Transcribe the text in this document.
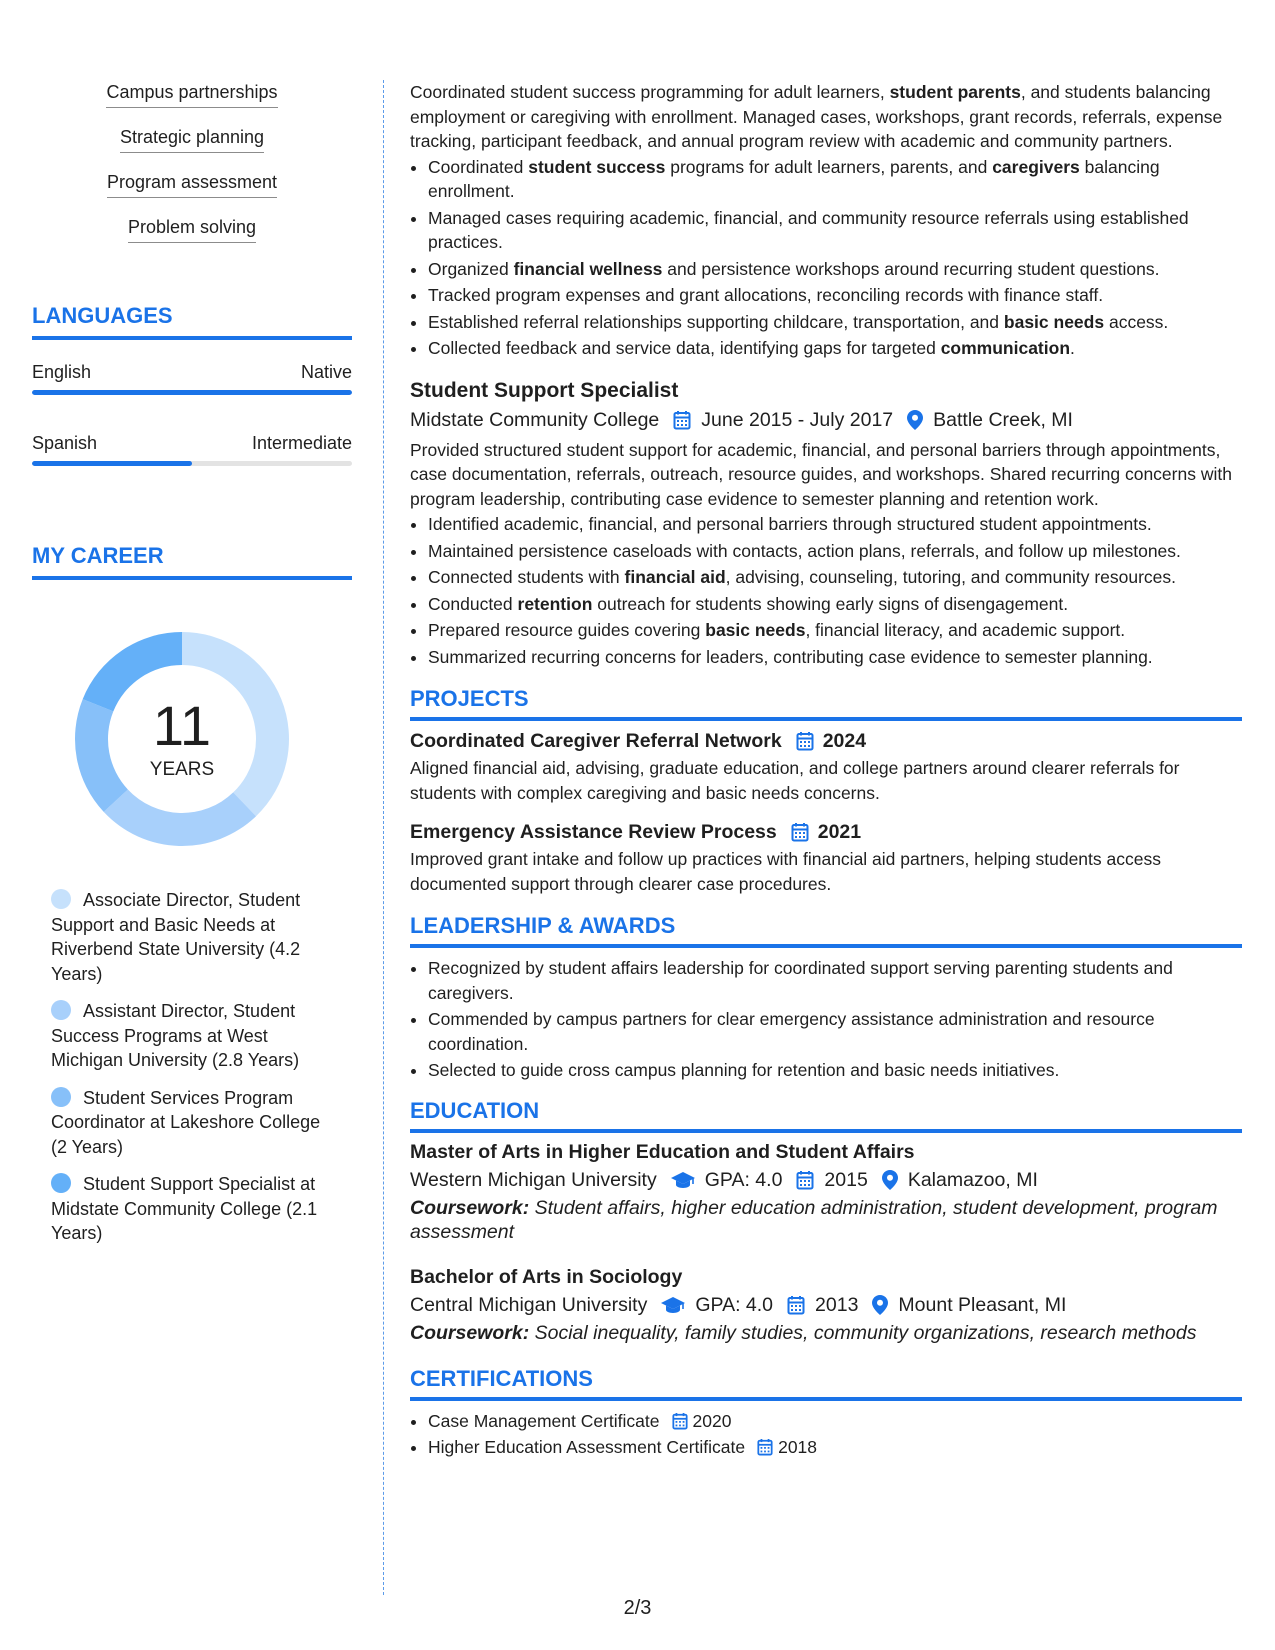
Campus partnerships
Strategic planning
Program assessment
Problem solving
LANGUAGES
English	Native
Spanish	Intermediate
MY CAREER
11
YEARS
Associate Director, Student Support and Basic Needs at Riverbend State University (4.2 Years)
Assistant Director, Student Success Programs at West Michigan University (2.8 Years)
Student Services Program Coordinator at Lakeshore College (2 Years)
Student Support Specialist at Midstate Community College (2.1 Years)
Coordinated student success programming for adult learners, student parents, and students balancing employment or caregiving with enrollment. Managed cases, workshops, grant records, referrals, expense tracking, participant feedback, and annual program review with academic and community partners.
• Coordinated student success programs for adult learners, parents, and caregivers balancing enrollment.
• Managed cases requiring academic, financial, and community resource referrals using established practices.
• Organized financial wellness and persistence workshops around recurring student questions.
• Tracked program expenses and grant allocations, reconciling records with finance staff.
• Established referral relationships supporting childcare, transportation, and basic needs access.
• Collected feedback and service data, identifying gaps for targeted communication.
Student Support Specialist
Midstate Community College June 2015 - July 2017 Battle Creek, MI
Provided structured student support for academic, financial, and personal barriers through appointments, case documentation, referrals, outreach, resource guides, and workshops. Shared recurring concerns with program leadership, contributing case evidence to semester planning and retention work.
• Identified academic, financial, and personal barriers through structured student appointments.
• Maintained persistence caseloads with contacts, action plans, referrals, and follow up milestones.
• Connected students with financial aid, advising, counseling, tutoring, and community resources.
• Conducted retention outreach for students showing early signs of disengagement.
• Prepared resource guides covering basic needs, financial literacy, and academic support.
• Summarized recurring concerns for leaders, contributing case evidence to semester planning.
PROJECTS
Coordinated Caregiver Referral Network 2024
Aligned financial aid, advising, graduate education, and college partners around clearer referrals for students with complex caregiving and basic needs concerns.
Emergency Assistance Review Process 2021
Improved grant intake and follow up practices with financial aid partners, helping students access documented support through clearer case procedures.
LEADERSHIP & AWARDS
• Recognized by student affairs leadership for coordinated support serving parenting students and caregivers.
• Commended by campus partners for clear emergency assistance administration and resource coordination.
• Selected to guide cross campus planning for retention and basic needs initiatives.
EDUCATION
Master of Arts in Higher Education and Student Affairs
Western Michigan University GPA: 4.0 2015 Kalamazoo, MI
Coursework: Student affairs, higher education administration, student development, program assessment
Bachelor of Arts in Sociology
Central Michigan University GPA: 4.0 2013 Mount Pleasant, MI
Coursework: Social inequality, family studies, community organizations, research methods
CERTIFICATIONS
• Case Management Certificate 2020
• Higher Education Assessment Certificate 2018
2/3
